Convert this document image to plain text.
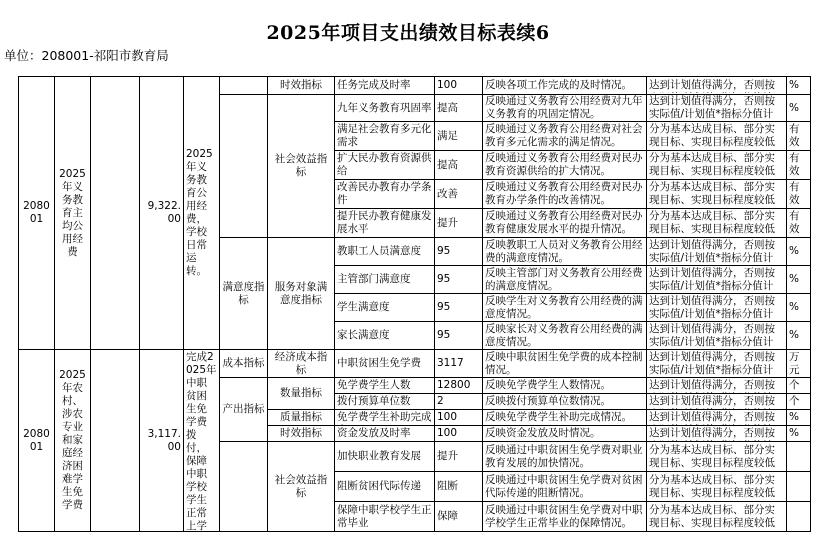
2025年项目支出绩效目标表续6
单位：208001-祁阳市教育局
208001	2025年义务教育主均公用经费		9,322.00	2025年义务教育公用经费，学校日常运转。		时效指标	任务完成及时率	100	反映各项工作完成的及时情况。	达到计划值得满分，否则按	%
						社会效益指标	九年义务教育巩固率	提高	反映通过义务教育公用经费对九年义务教育的巩固定情况。	达到计划值得满分，否则按实际值/计划值*指标分值计	%

							满足社会教育多元化需求	满足	反映通过义务教育公用经费对社会教育多元化需求的满足情况。	分为基本达成目标、部分实现目标、实现目标程度较低	有效

							扩大民办教育资源供给	提高	反映通过义务教育公用经费对民办教育资源供给的扩大情况。	分为基本达成目标、部分实现目标、实现目标程度较低	有效

							改善民办教育办学条件	改善	反映通过义务教育公用经费对民办教育办学条件的改善情况。	分为基本达成目标、部分实现目标、实现目标程度较低	有效

							提升民办教育健康发展水平	提升	反映通过义务教育公用经费对民办教育健康发展水平的提升情况。	分为基本达成目标、部分实现目标、实现目标程度较低	有效
					满意度指标	服务对象满意度指标	教职工人员满意度	95	反映教职工人员对义务教育公用经费的满意度情况。	达到计划值得满分，否则按实际值/计划值*指标分值计	%

							主管部门满意度	95	反映主管部门对义务教育公用经费的满意度情况。	达到计划值得满分，否则按实际值/计划值*指标分值计	%

							学生满意度	95	反映学生对义务教育公用经费的满意度情况。	达到计划值得满分，否则按实际值/计划值*指标分值计	%

							家长满意度	95	反映家长对义务教育公用经费的满意度情况。	达到计划值得满分，否则按实际值/计划值*指标分值计	%
208001	2025年农村、涉农专业和家庭经济困难学生免学费		3,117.00	完成2025年中职贫困生免学费拨付，保障中职学校学生正常上学	成本指标	经济成本指标	中职贫困生免学费	3117	反映中职贫困生免学费的成本控制情况。	达到计划值得满分，否则按实际值/计划值*指标分值计	万元
					产出指标	数量指标	免学费学生人数	12800	反映免学费学生人数情况。	达到计划值得满分，否则按	个

							拨付预算单位数	2	反映拨付预算单位数情况。	达到计划值得满分，否则按	个
						质量指标	免学费学生补助完成	100	反映免学费学生补助完成情况。	达到计划值得满分，否则按	%
						时效指标	资金发放及时率	100	反映资金发放及时情况。	达到计划值得满分，否则按	%
						社会效益指标	加快职业教育发展	提升	反映通过中职贫困生免学费对职业教育发展的加快情况。	分为基本达成目标、部分实现目标、实现目标程度较低	

							阻断贫困代际传递	阻断	反映通过中职贫困生免学费对贫困代际传递的阻断情况。	分为基本达成目标、部分实现目标、实现目标程度较低	

							保障中职学校学生正常毕业	保障	反映通过中职贫困生免学费对中职学校学生正常毕业的保障情况。	分为基本达成目标、部分实现目标、实现目标程度较低	
